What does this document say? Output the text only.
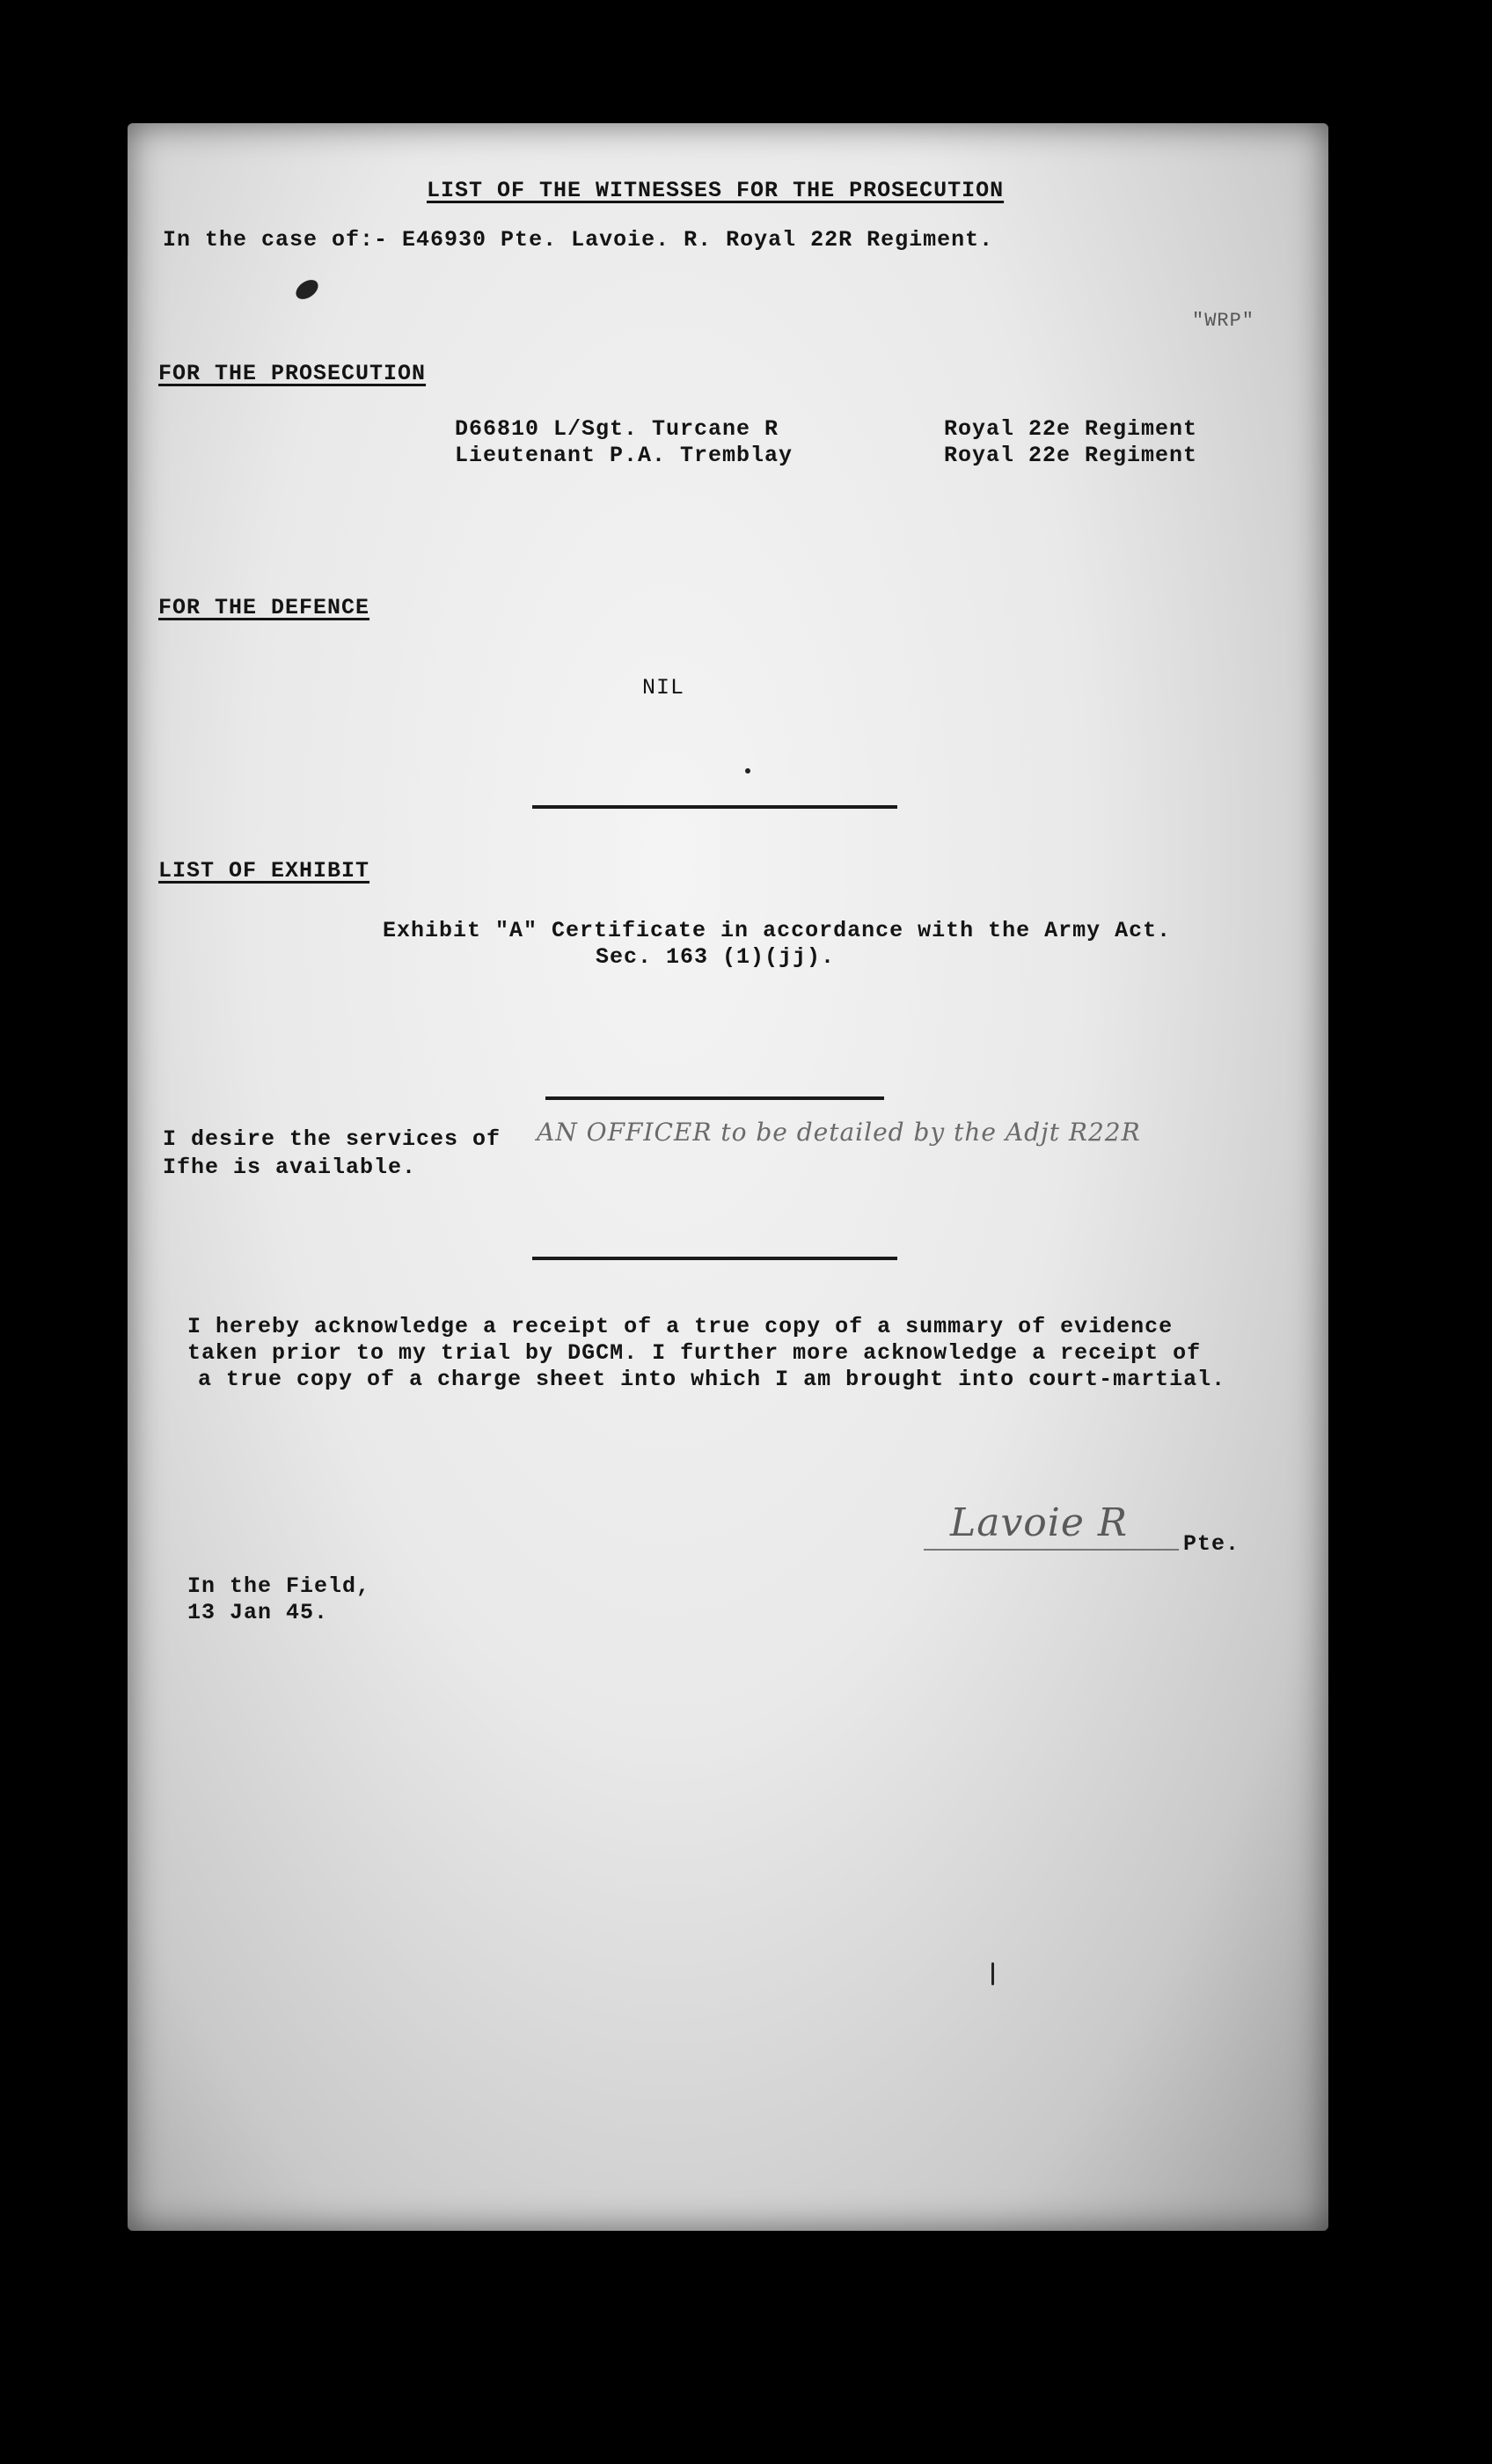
LIST OF THE WITNESSES FOR THE PROSECUTION
In the case of:- E46930 Pte. Lavoie. R. Royal 22R Regiment.
"WRP"
FOR THE PROSECUTION
D66810 L/Sgt. Turcane R	Royal 22e Regiment
Lieutenant P.A. Tremblay	Royal 22e Regiment
FOR THE DEFENCE
NIL
LIST OF EXHIBIT
Exhibit "A" Certificate in accordance with the Army Act.
Sec. 163 (1)(jj).
I desire the services of AN OFFICER to be detailed by the Adjt R22R
Ifhe is available.
I hereby acknowledge a receipt of a true copy of a summary of evidence
taken prior to my trial by DGCM. I further more acknowledge a receipt of
a true copy of a charge sheet into which I am brought into court-martial.
Lavoie R	Pte.
In the Field,
13 Jan 45.
